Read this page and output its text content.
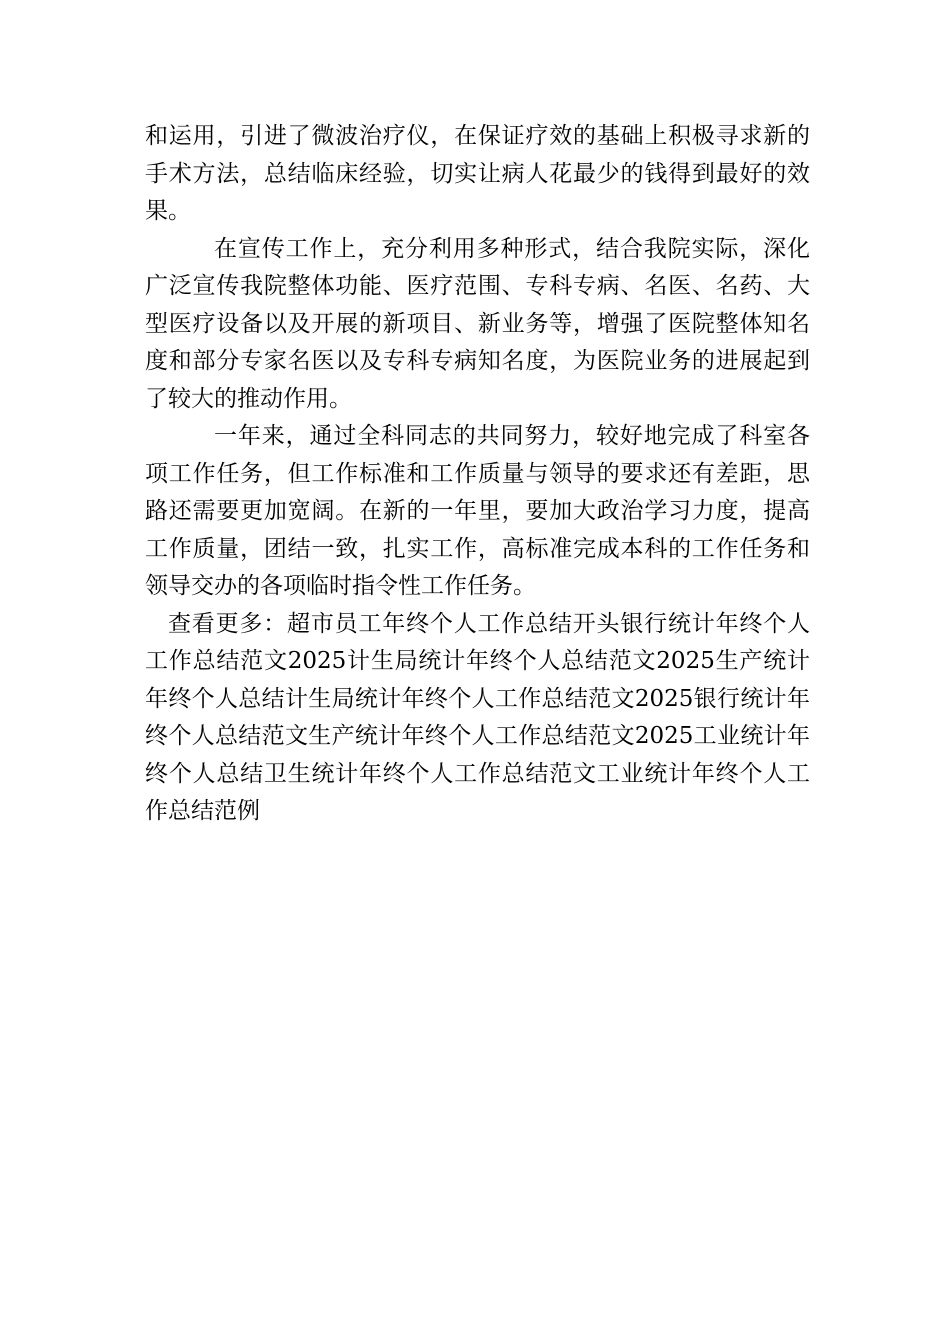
和运用，引进了微波治疗仪，在保证疗效的基础上积极寻求新的手术方法，总结临床经验，切实让病人花最少的钱得到最好的效果。

在宣传工作上，充分利用多种形式，结合我院实际，深化广泛宣传我院整体功能、医疗范围、专科专病、名医、名药、大型医疗设备以及开展的新项目、新业务等，增强了医院整体知名度和部分专家名医以及专科专病知名度，为医院业务的进展起到了较大的推动作用。

一年来，通过全科同志的共同努力，较好地完成了科室各项工作任务，但工作标准和工作质量与领导的要求还有差距，思路还需要更加宽阔。在新的一年里，要加大政治学习力度，提高工作质量，团结一致，扎实工作，高标准完成本科的工作任务和领导交办的各项临时指令性工作任务。

查看更多：超市员工年终个人工作总结开头银行统计年终个人工作总结范文2025计生局统计年终个人总结范文2025生产统计年终个人总结计生局统计年终个人工作总结范文2025银行统计年终个人总结范文生产统计年终个人工作总结范文2025工业统计年终个人总结卫生统计年终个人工作总结范文工业统计年终个人工作总结范例
